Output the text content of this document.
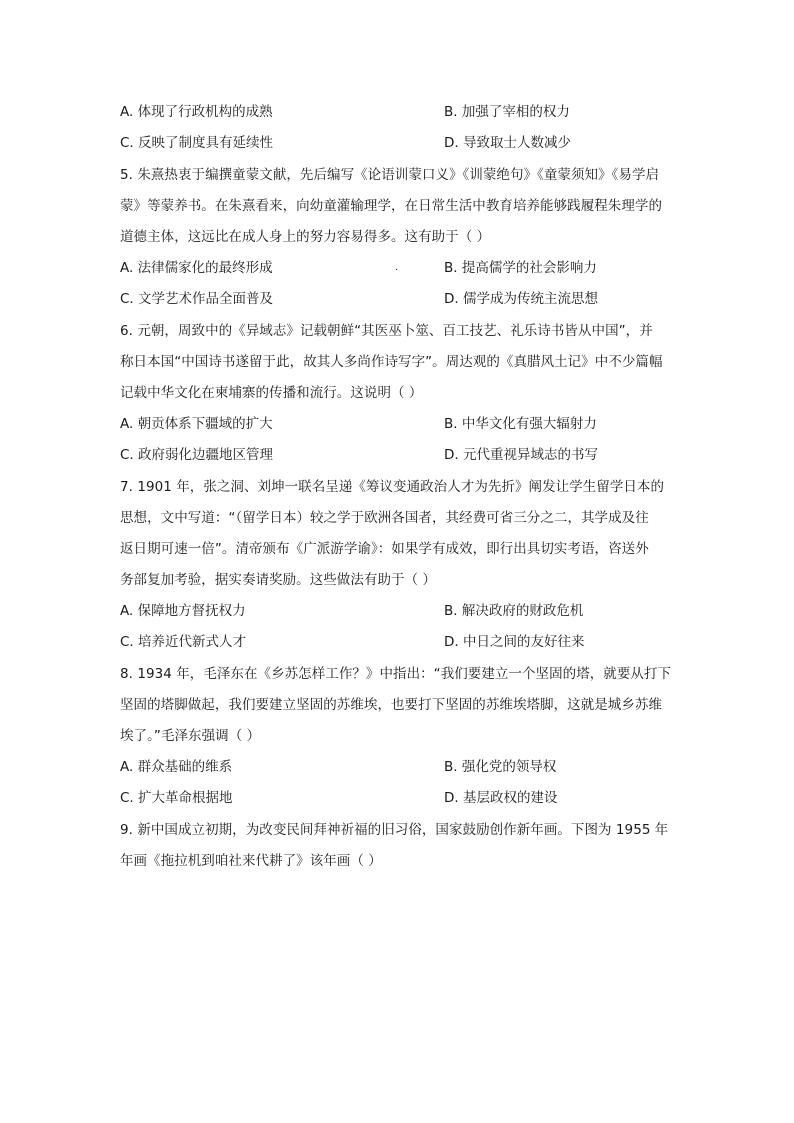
A. 体现了行政机构的成熟	B. 加强了宰相的权力
C. 反映了制度具有延续性	D. 导致取士人数减少
5. 朱熹热衷于编撰童蒙文献，先后编写《论语训蒙口义》《训蒙绝句》《童蒙须知》《易学启
蒙》等蒙养书。在朱熹看来，向幼童灌输理学，在日常生活中教育培养能够践履程朱理学的
道德主体，这远比在成人身上的努力容易得多。这有助于（ ）
A. 法律儒家化的最终形成	B. 提高儒学的社会影响力
.
C. 文学艺术作品全面普及	D. 儒学成为传统主流思想
6. 元朝，周致中的《异域志》记载朝鲜“其医巫卜筮、百工技艺、礼乐诗书皆从中国”，并
称日本国“中国诗书遂留于此，故其人多尚作诗写字”。周达观的《真腊风土记》中不少篇幅
记载中华文化在柬埔寨的传播和流行。这说明（ ）
A. 朝贡体系下疆域的扩大	B. 中华文化有强大辐射力
C. 政府弱化边疆地区管理	D. 元代重视异域志的书写
7. 1901 年，张之洞、刘坤一联名呈递《筹议变通政治人才为先折》阐发让学生留学日本的
思想，文中写道：“（留学日本）较之学于欧洲各国者，其经费可省三分之二，其学成及往
返日期可速一倍”。清帝颁布《广派游学谕》：如果学有成效，即行出具切实考语，咨送外
务部复加考验，据实奏请奖励。这些做法有助于（ ）
A. 保障地方督抚权力	B. 解决政府的财政危机
C. 培养近代新式人才	D. 中日之间的友好往来
8. 1934 年，毛泽东在《乡苏怎样工作？》中指出：“我们要建立一个坚固的塔，就要从打下
坚固的塔脚做起，我们要建立坚固的苏维埃，也要打下坚固的苏维埃塔脚，这就是城乡苏维
埃了。”毛泽东强调（ ）
A. 群众基础的维系	B. 强化党的领导权
C. 扩大革命根据地	D. 基层政权的建设
9. 新中国成立初期，为改变民间拜神祈福的旧习俗，国家鼓励创作新年画。下图为 1955 年
年画《拖拉机到咱社来代耕了》该年画（ ）
